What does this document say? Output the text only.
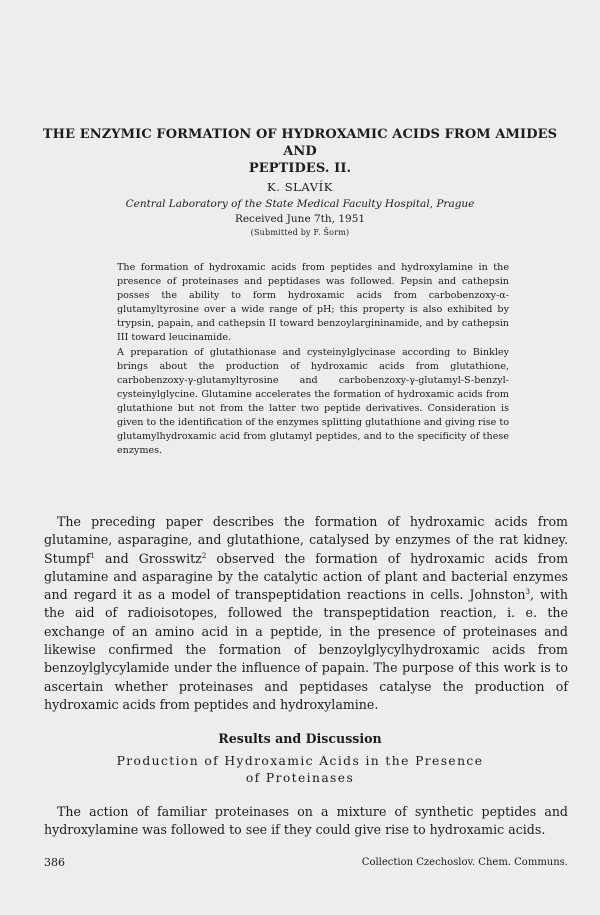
THE ENZYMIC FORMATION OF HYDROXAMIC ACIDS FROM AMIDES AND
PEPTIDES. II.
K. SLAVÍK
Central Laboratory of the State Medical Faculty Hospital, Prague
Received June 7th, 1951
(Submitted by F. Šorm)

The formation of hydroxamic acids from peptides and hydroxylamine in the presence of proteinases and peptidases was followed. Pepsin and cathepsin posses the ability to form hydroxamic acids from carbobenzoxy-α-glutamyltyrosine over a wide range of pH; this property is also exhibited by trypsin, papain, and cathepsin II toward benzoylargininamide, and by cathepsin III toward leucinamide.

A preparation of glutathionase and cysteinylglycinase according to Binkley brings about the production of hydroxamic acids from glutathione, carbobenzoxy-γ-glutamyltyrosine and carbobenzoxy-γ-glutamyl-S-benzyl-cysteinylglycine. Glutamine accelerates the formation of hydroxamic acids from glutathione but not from the latter two peptide derivatives. Consideration is given to the identification of the enzymes splitting glutathione and giving rise to glutamylhydroxamic acid from glutamyl peptides, and to the specificity of these enzymes.

The preceding paper describes the formation of hydroxamic acids from glutamine, asparagine, and glutathione, catalysed by enzymes of the rat kidney. Stumpf$^1$ and Grosswitz$^2$ observed the formation of hydroxamic acids from glutamine and asparagine by the catalytic action of plant and bacterial enzymes and regard it as a model of transpeptidation reactions in cells. Johnston$^3$, with the aid of radioisotopes, followed the transpeptidation reaction, i. e. the exchange of an amino acid in a peptide, in the presence of proteinases and likewise confirmed the formation of benzoylglycylhydroxamic acids from benzoylglycylamide under the influence of papain. The purpose of this work is to ascertain whether proteinases and peptidases catalyse the production of hydroxamic acids from peptides and hydroxylamine.

Results and Discussion
Production of Hydroxamic Acids in the Presence
of Proteinases

The action of familiar proteinases on a mixture of synthetic peptides and hydroxylamine was followed to see if they could give rise to hydroxamic acids.

386	Collection Czechoslov. Chem. Communs.
